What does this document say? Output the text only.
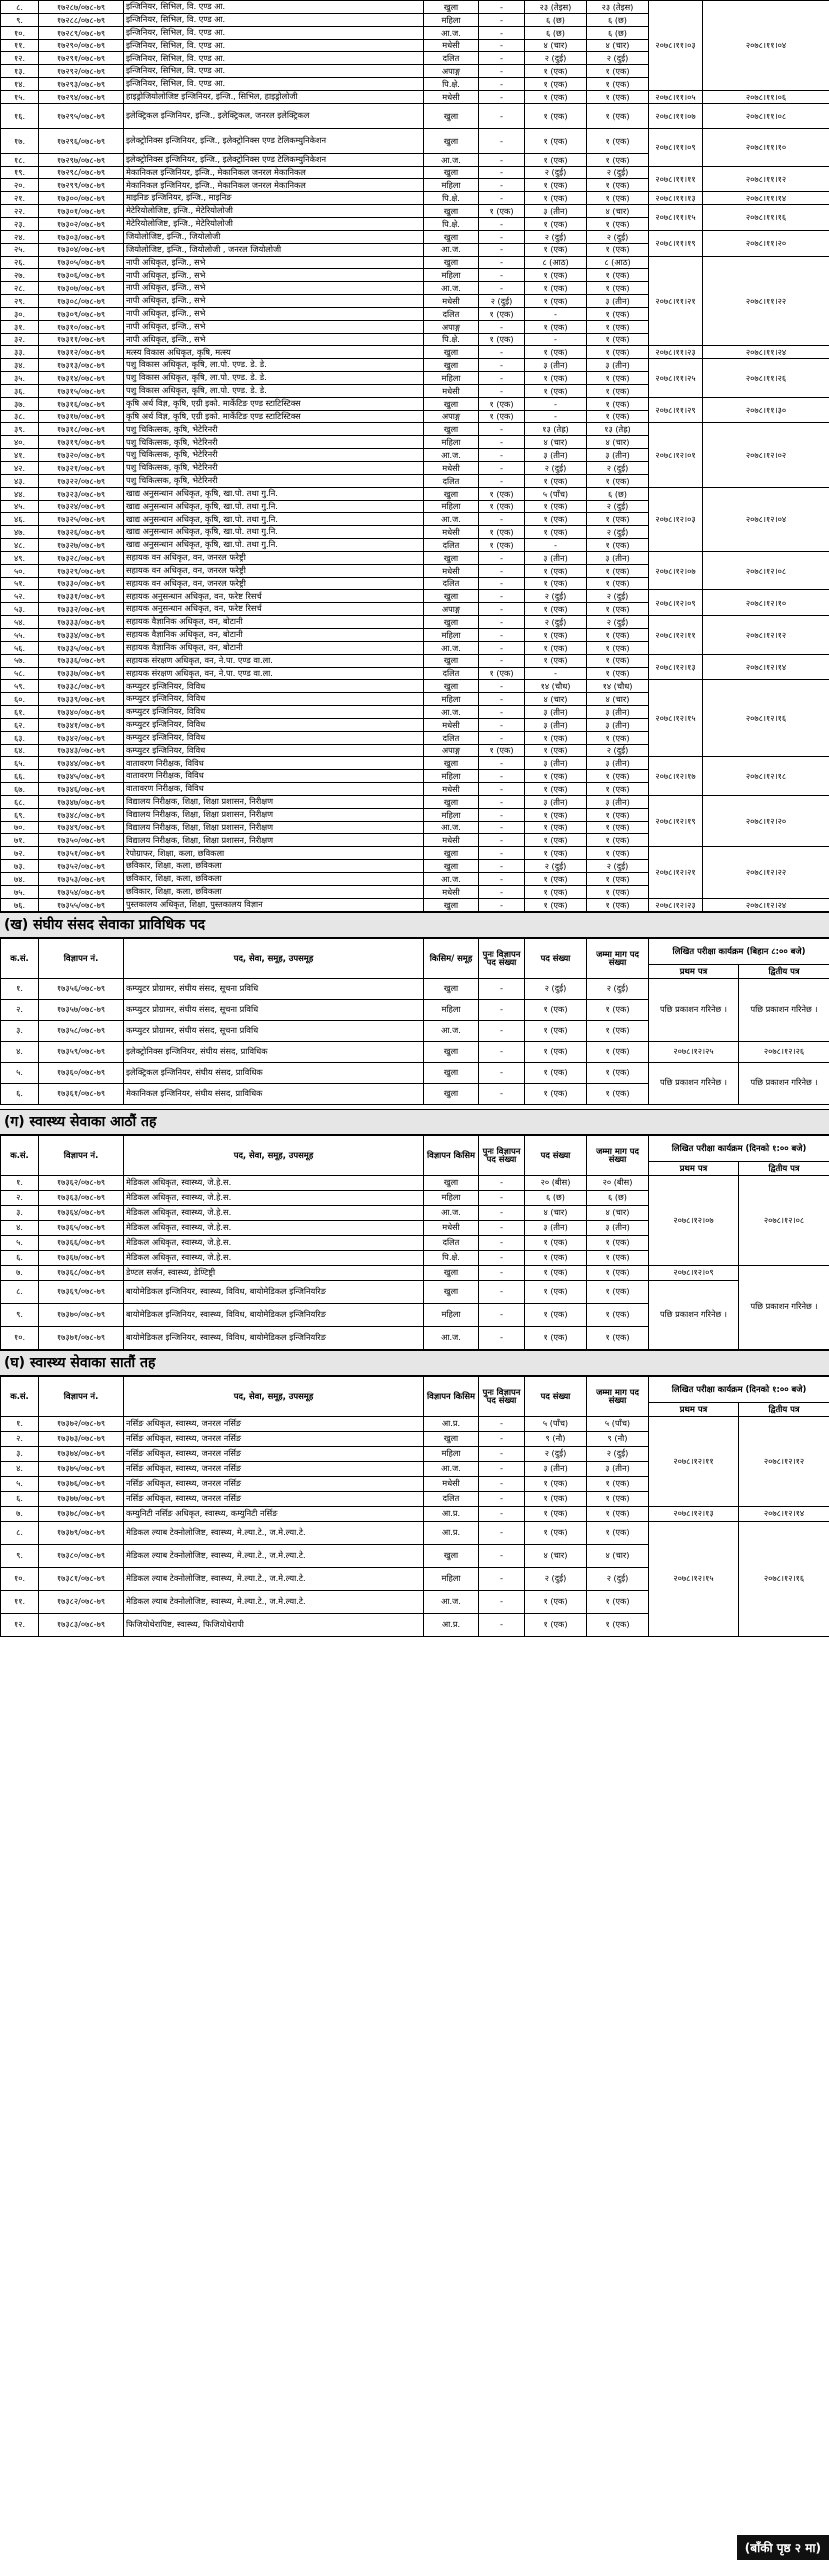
८.	१७२८७/०७८-७९	इन्जिनियर, सिभिल, वि. एण्ड आ.	खुला	-	२३ (तेइस)	२३ (तेइस)	२०७८।११।०३	२०७८।११।०४
९.	१७२८८/०७८-७९	इन्जिनियर, सिभिल, वि. एण्ड आ.	महिला	-	६ (छ)	६ (छ)		
१०.	१७२८९/०७८-७९	इन्जिनियर, सिभिल, वि. एण्ड आ.	आ.ज.	-	६ (छ)	६ (छ)		
११.	१७२९०/०७८-७९	इन्जिनियर, सिभिल, वि. एण्ड आ.	मधेसी	-	४ (चार)	४ (चार)		
१२.	१७२९१/०७८-७९	इन्जिनियर, सिभिल, वि. एण्ड आ.	दलित	-	२ (दुई)	२ (दुई)		
१३.	१७२९२/०७८-७९	इन्जिनियर, सिभिल, वि. एण्ड आ.	अपाङ्ग	-	१ (एक)	१ (एक)		
१४.	१७२९३/०७८-७९	इन्जिनियर, सिभिल, वि. एण्ड आ.	पि.क्षे.	-	१ (एक)	१ (एक)		
१५.	१७२९४/०७८-७९	हाइड्रोजियोलोजिष्ट इन्जिनियर, इन्जि., सिभिल, हाइड्रोलोजी	मधेसी	-	१ (एक)	१ (एक)	२०७८।११।०५	२०७८।११।०६
१६.	१७२९५/०७८-७९	इलेक्ट्रिकल इन्जिनियर, इन्जि., इलेक्ट्रिकल, जनरल इलेक्ट्रिकल	खुला	-	१ (एक)	१ (एक)	२०७८।११।०७	२०७८।११।०८
१७.	१७२९६/०७८-७९	इलेक्ट्रोनिक्स इन्जिनियर, इन्जि., इलेक्ट्रोनिक्स एण्ड टेलिकम्युनिकेशन	खुला	-	१ (एक)	१ (एक)	२०७८।११।०९	२०७८।११।१०
१८.	१७२९७/०७८-७९	इलेक्ट्रोनिक्स इन्जिनियर, इन्जि., इलेक्ट्रोनिक्स एण्ड टेलिकम्युनिकेशन	आ.ज.	-	१ (एक)	१ (एक)		
१९.	१७२९८/०७८-७९	मेकानिकल इन्जिनियर, इन्जि., मेकानिकल जनरल मेकानिकल	खुला	-	२ (दुई)	२ (दुई)	२०७८।११।११	२०७८।११।१२
२०.	१७२९९/०७८-७९	मेकानिकल इन्जिनियर, इन्जि., मेकानिकल जनरल मेकानिकल	महिला	-	१ (एक)	१ (एक)		
२१.	१७३००/०७८-७९	माइनिङ इन्जिनियर, इन्जि., माइनिङ	पि.क्षे.	-	१ (एक)	१ (एक)	२०७८।११।१३	२०७८।११।१४
२२.	१७३०१/०७८-७९	मेटेरियोलोजिष्ट, इन्जि., मेटेरियोलोजी	खुला	१ (एक)	३ (तीन)	४ (चार)	२०७८।११।१५	२०७८।११।१६
२३.	१७३०२/०७८-७९	मेटेरियोलोजिष्ट, इन्जि., मेटेरियोलोजी	पि.क्षे.	-	१ (एक)	१ (एक)		
२४.	१७३०३/०७८-७९	जियोलोजिष्ट, इन्जि., जियोलोजी	खुला	-	२ (दुई)	२ (दुई)	२०७८।११।१९	२०७८।११।२०
२५.	१७३०४/०७८-७९	जियोलोजिष्ट, इन्जि., जियोलोजी , जनरल जियोलोजी	आ.ज.	-	१ (एक)	१ (एक)		
२६.	१७३०५/०७८-७९	नापी अधिकृत, इन्जि., सभे	खुला	-	८ (आठ)	८ (आठ)	२०७८।११।२१	२०७८।११।२२
२७.	१७३०६/०७८-७९	नापी अधिकृत, इन्जि., सभे	महिला	-	१ (एक)	१ (एक)		
२८.	१७३०७/०७८-७९	नापी अधिकृत, इन्जि., सभे	आ.ज.	-	१ (एक)	१ (एक)		
२९.	१७३०८/०७८-७९	नापी अधिकृत, इन्जि., सभे	मधेसी	२ (दुई)	१ (एक)	३ (तीन)		
३०.	१७३०९/०७८-७९	नापी अधिकृत, इन्जि., सभे	दलित	१ (एक)	-	१ (एक)		
३१.	१७३१०/०७८-७९	नापी अधिकृत, इन्जि., सभे	अपाङ्ग	-	१ (एक)	१ (एक)		
३२.	१७३११/०७८-७९	नापी अधिकृत, इन्जि., सभे	पि.क्षे.	१ (एक)	-	१ (एक)		
३३.	१७३१२/०७८-७९	मत्स्य विकास अधिकृत, कृषि, मत्स्य	खुला	-	१ (एक)	१ (एक)	२०७८।११।२३	२०७८।११।२४
३४.	१७३१३/०७८-७९	पशु विकास अधिकृत, कृषि, ला.पो. एण्ड. डे. डे.	खुला	-	३ (तीन)	३ (तीन)	२०७८।११।२५	२०७८।११।२६
३५.	१७३१४/०७८-७९	पशु विकास अधिकृत, कृषि, ला.पो. एण्ड. डे. डे.	महिला	-	१ (एक)	१ (एक)		
३६.	१७३१५/०७८-७९	पशु विकास अधिकृत, कृषि, ला.पो. एण्ड. डे. डे.	मधेसी	-	१ (एक)	१ (एक)		
३७.	१७३१६/०७८-७९	कृषि अर्थ विज्ञ, कृषि, एग्री इको. मार्केटिङ एण्ड स्टाटिस्टिक्स	खुला	१ (एक)	-	१ (एक)	२०७८।११।२९	२०७८।११।३०
३८.	१७३१७/०७८-७९	कृषि अर्थ विज्ञ, कृषि, एग्री इको. मार्केटिङ एण्ड स्टाटिस्टिक्स	अपाङ्ग	१ (एक)	-	१ (एक)		
३९.	१७३१८/०७८-७९	पशु चिकित्सक, कृषि, भेटेरिनरी	खुला	-	१३ (तेह्र)	१३ (तेह्र)	२०७८।१२।०१	२०७८।१२।०२
४०.	१७३१९/०७८-७९	पशु चिकित्सक, कृषि, भेटेरिनरी	महिला	-	४ (चार)	४ (चार)		
४१.	१७३२०/०७८-७९	पशु चिकित्सक, कृषि, भेटेरिनरी	आ.ज.	-	३ (तीन)	३ (तीन)		
४२.	१७३२१/०७८-७९	पशु चिकित्सक, कृषि, भेटेरिनरी	मधेसी	-	२ (दुई)	२ (दुई)		
४३.	१७३२२/०७८-७९	पशु चिकित्सक, कृषि, भेटेरिनरी	दलित	-	१ (एक)	१ (एक)		
४४.	१७३२३/०७८-७९	खाद्य अनुसन्धान अधिकृत, कृषि, खा.पो. तथा गु.नि.	खुला	१ (एक)	५ (पाँच)	६ (छ)	२०७८।१२।०३	२०७८।१२।०४
४५.	१७३२४/०७८-७९	खाद्य अनुसन्धान अधिकृत, कृषि, खा.पो. तथा गु.नि.	महिला	१ (एक)	१ (एक)	२ (दुई)		
४६.	१७३२५/०७८-७९	खाद्य अनुसन्धान अधिकृत, कृषि, खा.पो. तथा गु.नि.	आ.ज.	-	१ (एक)	१ (एक)		
४७.	१७३२६/०७८-७९	खाद्य अनुसन्धान अधिकृत, कृषि, खा.पो. तथा गु.नि.	मधेसी	१ (एक)	१ (एक)	२ (दुई)		
४८.	१७३२७/०७८-७९	खाद्य अनुसन्धान अधिकृत, कृषि, खा.पो. तथा गु.नि.	दलित	१ (एक)	-	१ (एक)		
४९.	१७३२८/०७८-७९	सहायक वन अधिकृत, वन, जनरल फरेष्ट्री	खुला	-	३ (तीन)	३ (तीन)	२०७८।१२।०७	२०७८।१२।०८
५०.	१७३२९/०७८-७९	सहायक वन अधिकृत, वन, जनरल फरेष्ट्री	मधेसी	-	१ (एक)	१ (एक)		
५१.	१७३३०/०७८-७९	सहायक वन अधिकृत, वन, जनरल फरेष्ट्री	दलित	-	१ (एक)	१ (एक)		
५२.	१७३३१/०७८-७९	सहायक अनुसन्धान अधिकृत, वन, फरेष्ट रिसर्च	खुला	-	२ (दुई)	२ (दुई)	२०७८।१२।०९	२०७८।१२।१०
५३.	१७३३२/०७८-७९	सहायक अनुसन्धान अधिकृत, वन, फरेष्ट रिसर्च	अपाङ्ग	-	१ (एक)	१ (एक)		
५४.	१७३३३/०७८-७९	सहायक वैज्ञानिक अधिकृत, वन, बोटानी	खुला	-	२ (दुई)	२ (दुई)	२०७८।१२।११	२०७८।१२।१२
५५.	१७३३४/०७८-७९	सहायक वैज्ञानिक अधिकृत, वन, बोटानी	महिला	-	१ (एक)	१ (एक)		
५६.	१७३३५/०७८-७९	सहायक वैज्ञानिक अधिकृत, वन, बोटानी	आ.ज.	-	१ (एक)	१ (एक)		
५७.	१७३३६/०७८-७९	सहायक संरक्षण अधिकृत, वन, ने.पा. एण्ड वा.ला.	खुला	-	१ (एक)	१ (एक)	२०७८।१२।१३	२०७८।१२।१४
५८.	१७३३७/०७८-७९	सहायक संरक्षण अधिकृत, वन, ने.पा. एण्ड वा.ला.	दलित	१ (एक)	-	१ (एक)		
५९.	१७३३८/०७८-७९	कम्प्युटर इन्जिनियर, विविध	खुला	-	१४ (चौध)	१४ (चौध)	२०७८।१२।१५	२०७८।१२।१६
६०.	१७३३९/०७८-७९	कम्प्युटर इन्जिनियर, विविध	महिला	-	४ (चार)	४ (चार)		
६१.	१७३४०/०७८-७९	कम्प्युटर इन्जिनियर, विविध	आ.ज.	-	३ (तीन)	३ (तीन)		
६२.	१७३४१/०७८-७९	कम्प्युटर इन्जिनियर, विविध	मधेसी	-	३ (तीन)	३ (तीन)		
६३.	१७३४२/०७८-७९	कम्प्युटर इन्जिनियर, विविध	दलित	-	१ (एक)	१ (एक)		
६४.	१७३४३/०७८-७९	कम्प्युटर इन्जिनियर, विविध	अपाङ्ग	१ (एक)	१ (एक)	२ (दुई)		
६५.	१७३४४/०७८-७९	वातावरण निरीक्षक, विविध	खुला	-	३ (तीन)	३ (तीन)	२०७८।१२।१७	२०७८।१२।१८
६६.	१७३४५/०७८-७९	वातावरण निरीक्षक, विविध	महिला	-	१ (एक)	१ (एक)		
६७.	१७३४६/०७८-७९	वातावरण निरीक्षक, विविध	मधेसी	-	१ (एक)	१ (एक)		
६८.	१७३४७/०७८-७९	विद्यालय निरीक्षक, शिक्षा, शिक्षा प्रशासन, निरीक्षण	खुला	-	३ (तीन)	३ (तीन)	२०७८।१२।१९	२०७८।१२।२०
६९.	१७३४८/०७८-७९	विद्यालय निरीक्षक, शिक्षा, शिक्षा प्रशासन, निरीक्षण	महिला	-	१ (एक)	१ (एक)		
७०.	१७३४९/०७८-७९	विद्यालय निरीक्षक, शिक्षा, शिक्षा प्रशासन, निरीक्षण	आ.ज.	-	१ (एक)	१ (एक)		
७१.	१७३५०/०७८-७९	विद्यालय निरीक्षक, शिक्षा, शिक्षा प्रशासन, निरीक्षण	मधेसी	-	१ (एक)	१ (एक)		
७२.	१७३५१/०७८-७९	रेपोग्राफर, शिक्षा, कला, छविकला	खुला	-	१ (एक)	१ (एक)	२०७८।१२।२१	२०७८।१२।२२
७३.	१७३५२/०७८-७९	छविकार, शिक्षा, कला, छविकला	खुला	-	२ (दुई)	२ (दुई)		
७४.	१७३५३/०७८-७९	छविकार, शिक्षा, कला, छविकला	आ.ज.	-	१ (एक)	१ (एक)		
७५.	१७३५४/०७८-७९	छविकार, शिक्षा, कला, छविकला	मधेसी	-	१ (एक)	१ (एक)		
७६.	१७३५५/०७८-७९	पुस्तकालय अधिकृत, शिक्षा, पुस्तकालय विज्ञान	खुला	-	१ (एक)	१ (एक)	२०७८।१२।२३	२०७८।१२।२४
(ख) संघीय संसद सेवाका प्राविधिक पद
क.सं.	विज्ञापन नं.	पद, सेवा, समूह, उपसमूह	किसिम/ समूह	पुनः विज्ञापन पद संख्या	पद संख्या	जम्मा माग पद संख्या	लिखित परीक्षा कार्यक्रम (बिहान ८:०० बजे)	
							प्रथम पत्र	द्वितीय पत्र
१.	१७३५६/०७८-७९	कम्प्युटर प्रोग्रामर, संघीय संसद, सूचना प्रविधि	खुला	-	२ (दुई)	२ (दुई)	पछि प्रकाशन गरिनेछ ।	पछि प्रकाशन गरिनेछ ।
२.	१७३५७/०७८-७९	कम्प्युटर प्रोग्रामर, संघीय संसद, सूचना प्रविधि	महिला	-	१ (एक)	१ (एक)		
३.	१७३५८/०७८-७९	कम्प्युटर प्रोग्रामर, संघीय संसद, सूचना प्रविधि	आ.ज.	-	१ (एक)	१ (एक)		
४.	१७३५९/०७८-७९	इलेक्ट्रोनिक्स इन्जिनियर, संघीय संसद, प्राविधिक	खुला	-	१ (एक)	१ (एक)	२०७८।१२।२५	२०७८।१२।२६
५.	१७३६०/०७८-७९	इलेक्ट्रिकल इन्जिनियर, संघीय संसद, प्राविधिक	खुला	-	१ (एक)	१ (एक)	पछि प्रकाशन गरिनेछ ।	पछि प्रकाशन गरिनेछ ।
६.	१७३६१/०७८-७९	मेकानिकल इन्जिनियर, संघीय संसद, प्राविधिक	खुला	-	१ (एक)	१ (एक)		
(ग) स्वास्थ्य सेवाका आठौं तह
क.सं.	विज्ञापन नं.	पद, सेवा, समूह, उपसमूह	विज्ञापन किसिम	पुनः विज्ञापन पद संख्या	पद संख्या	जम्मा माग पद संख्या	लिखित परीक्षा कार्यक्रम (दिनको १:०० बजे)	
							प्रथम पत्र	द्वितीय पत्र
१.	१७३६२/०७८-७९	मेडिकल अधिकृत, स्वास्थ्य, जे.हे.स.	खुला	-	२० (बीस)	२० (बीस)	२०७८।१२।०७	२०७८।१२।०८
२.	१७३६३/०७८-७९	मेडिकल अधिकृत, स्वास्थ्य, जे.हे.स.	महिला	-	६ (छ)	६ (छ)		
३.	१७३६४/०७८-७९	मेडिकल अधिकृत, स्वास्थ्य, जे.हे.स.	आ.ज.	-	४ (चार)	४ (चार)		
४.	१७३६५/०७८-७९	मेडिकल अधिकृत, स्वास्थ्य, जे.हे.स.	मधेसी	-	३ (तीन)	३ (तीन)		
५.	१७३६६/०७८-७९	मेडिकल अधिकृत, स्वास्थ्य, जे.हे.स.	दलित	-	१ (एक)	१ (एक)		
६.	१७३६७/०७८-७९	मेडिकल अधिकृत, स्वास्थ्य, जे.हे.स.	पि.क्षे.	-	१ (एक)	१ (एक)		
७.	१७३६८/०७८-७९	डेण्टल सर्जन, स्वास्थ्य, डेण्टिष्ट्री	खुला	-	१ (एक)	१ (एक)	२०७८।१२।०९	पछि प्रकाशन गरिनेछ ।
८.	१७३६९/०७८-७९	बायोमेडिकल इन्जिनियर, स्वास्थ्य, विविध, बायोमेडिकल इन्जिनियरिङ	खुला	-	१ (एक)	१ (एक)	पछि प्रकाशन गरिनेछ ।	
९.	१७३७०/०७८-७९	बायोमेडिकल इन्जिनियर, स्वास्थ्य, विविध, बायोमेडिकल इन्जिनियरिङ	महिला	-	१ (एक)	१ (एक)		
१०.	१७३७१/०७८-७९	बायोमेडिकल इन्जिनियर, स्वास्थ्य, विविध, बायोमेडिकल इन्जिनियरिङ	आ.ज.	-	१ (एक)	१ (एक)		
(घ) स्वास्थ्य सेवाका सातौं तह
क.सं.	विज्ञापन नं.	पद, सेवा, समूह, उपसमूह	विज्ञापन किसिम	पुनः विज्ञापन पद संख्या	पद संख्या	जम्मा माग पद संख्या	लिखित परीक्षा कार्यक्रम (दिनको १:०० बजे)	
							प्रथम पत्र	द्वितीय पत्र
१.	१७३७२/०७८-७९	नर्सिङ अधिकृत, स्वास्थ्य, जनरल नर्सिङ	आ.प्र.	-	५ (पाँच)	५ (पाँच)	२०७८।१२।११	२०७८।१२।१२
२.	१७३७३/०७८-७९	नर्सिङ अधिकृत, स्वास्थ्य, जनरल नर्सिङ	खुला	-	९ (नौ)	९ (नौ)		
३.	१७३७४/०७८-७९	नर्सिङ अधिकृत, स्वास्थ्य, जनरल नर्सिङ	महिला	-	२ (दुई)	२ (दुई)		
४.	१७३७५/०७८-७९	नर्सिङ अधिकृत, स्वास्थ्य, जनरल नर्सिङ	आ.ज.	-	३ (तीन)	३ (तीन)		
५.	१७३७६/०७८-७९	नर्सिङ अधिकृत, स्वास्थ्य, जनरल नर्सिङ	मधेसी	-	१ (एक)	१ (एक)		
६.	१७३७७/०७८-७९	नर्सिङ अधिकृत, स्वास्थ्य, जनरल नर्सिङ	दलित	-	१ (एक)	१ (एक)		
७.	१७३७८/०७८-७९	कम्युनिटी नर्सिङ अधिकृत, स्वास्थ्य, कम्युनिटी नर्सिङ	आ.प्र.	-	१ (एक)	१ (एक)	२०७८।१२।१३	२०७८।१२।१४
८.	१७३७९/०७८-७९	मेडिकल ल्याब टेक्नोलोजिष्ट, स्वास्थ्य, मे.ल्या.टे., ज.मे.ल्या.टे.	आ.प्र.	-	१ (एक)	१ (एक)	२०७८।१२।१५	२०७८।१२।१६
९.	१७३८०/०७८-७९	मेडिकल ल्याब टेक्नोलोजिष्ट, स्वास्थ्य, मे.ल्या.टे., ज.मे.ल्या.टे.	खुला	-	४ (चार)	४ (चार)		
१०.	१७३८१/०७८-७९	मेडिकल ल्याब टेक्नोलोजिष्ट, स्वास्थ्य, मे.ल्या.टे., ज.मे.ल्या.टे.	महिला	-	२ (दुई)	२ (दुई)		
११.	१७३८२/०७८-७९	मेडिकल ल्याब टेक्नोलोजिष्ट, स्वास्थ्य, मे.ल्या.टे., ज.मे.ल्या.टे.	आ.ज.	-	१ (एक)	१ (एक)		
१२.	१७३८३/०७८-७९	फिजियोथेरापिष्ट, स्वास्थ्य, फिजियोथेरापी	आ.प्र.	-	१ (एक)	१ (एक)		
(बाँकी पृष्ठ २ मा)
